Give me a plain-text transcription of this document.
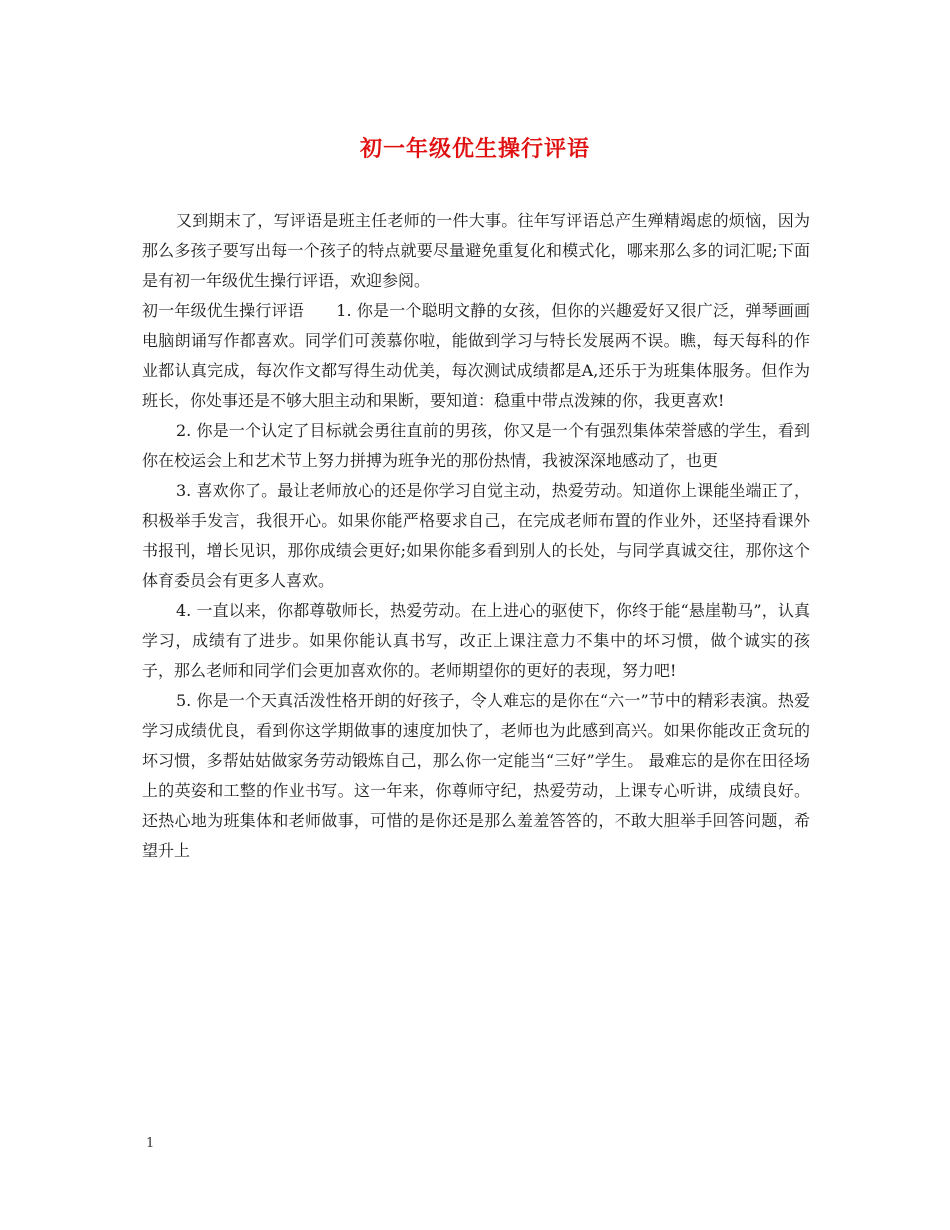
初一年级优生操行评语

又到期末了，写评语是班主任老师的一件大事。往年写评语总产生殚精竭虑的烦恼，因为那么多孩子要写出每一个孩子的特点就要尽量避免重复化和模式化，哪来那么多的词汇呢;下面是有初一年级优生操行评语，欢迎参阅。

初一年级优生操行评语　　1. 你是一个聪明文静的女孩，但你的兴趣爱好又很广泛，弹琴画画电脑朗诵写作都喜欢。同学们可羡慕你啦，能做到学习与特长发展两不误。瞧，每天每科的作业都认真完成，每次作文都写得生动优美，每次测试成绩都是A,还乐于为班集体服务。但作为班长，你处事还是不够大胆主动和果断，要知道：稳重中带点泼辣的你，我更喜欢!

2. 你是一个认定了目标就会勇往直前的男孩，你又是一个有强烈集体荣誉感的学生，看到你在校运会上和艺术节上努力拼搏为班争光的那份热情，我被深深地感动了，也更

3. 喜欢你了。最让老师放心的还是你学习自觉主动，热爱劳动。知道你上课能坐端正了，积极举手发言，我很开心。如果你能严格要求自己，在完成老师布置的作业外，还坚持看课外书报刊，增长见识，那你成绩会更好;如果你能多看到别人的长处，与同学真诚交往，那你这个体育委员会有更多人喜欢。

4. 一直以来，你都尊敬师长，热爱劳动。在上进心的驱使下，你终于能“悬崖勒马”，认真学习，成绩有了进步。如果你能认真书写，改正上课注意力不集中的坏习惯，做个诚实的孩子，那么老师和同学们会更加喜欢你的。老师期望你的更好的表现，努力吧!

5. 你是一个天真活泼性格开朗的好孩子，令人难忘的是你在“六一”节中的精彩表演。热爱学习成绩优良，看到你这学期做事的速度加快了，老师也为此感到高兴。如果你能改正贪玩的坏习惯，多帮姑姑做家务劳动锻炼自己，那么你一定能当“三好”学生。 最难忘的是你在田径场上的英姿和工整的作业书写。这一年来，你尊师守纪，热爱劳动，上课专心听讲，成绩良好。还热心地为班集体和老师做事，可惜的是你还是那么羞羞答答的，不敢大胆举手回答问题，希望升上

1
